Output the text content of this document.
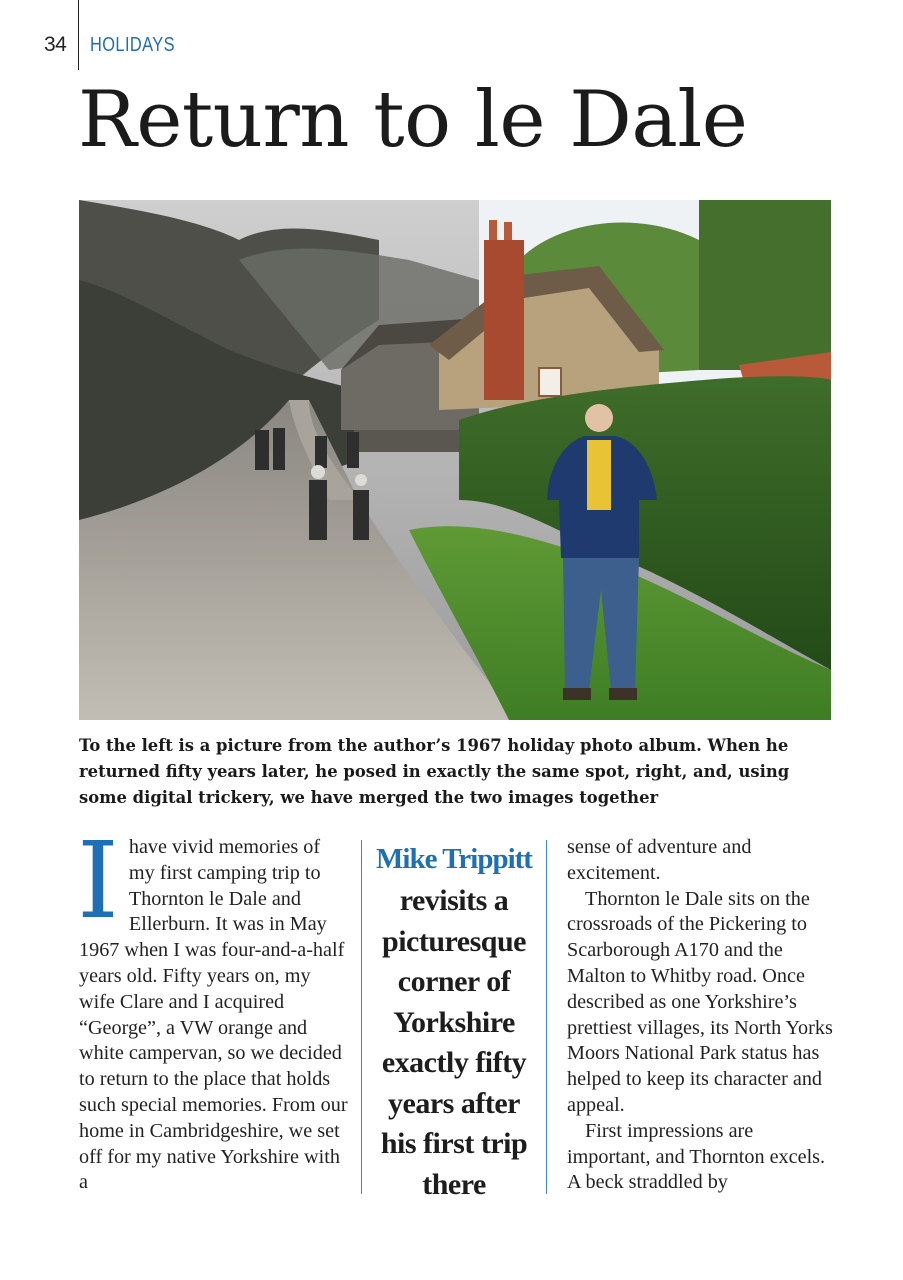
34 HOLIDAYS
Return to le Dale

To the left is a picture from the author’s 1967 holiday photo album. When he returned fifty years later, he posed in exactly the same spot, right, and, using some digital trickery, we have merged the two images together

Ihave vivid memories of my first camping trip to Thornton le Dale and Ellerburn. It was in May 1967 when I was four-and-a-half years old. Fifty years on, my wife Clare and I acquired “George”, a VW orange and white campervan, so we decided to return to the place that holds such special memories. From our home in Cambridgeshire, we set off for my native Yorkshire with a

Mike Trippitt
revisits a picturesque corner of Yorkshire exactly fifty years after his first trip there

sense of adventure and excitement.

Thornton le Dale sits on the crossroads of the Pickering to Scarborough A170 and the Malton to Whitby road. Once described as one Yorkshire’s prettiest villages, its North Yorks Moors National Park status has helped to keep its character and appeal.

First impressions are important, and Thornton excels. A beck straddled by
